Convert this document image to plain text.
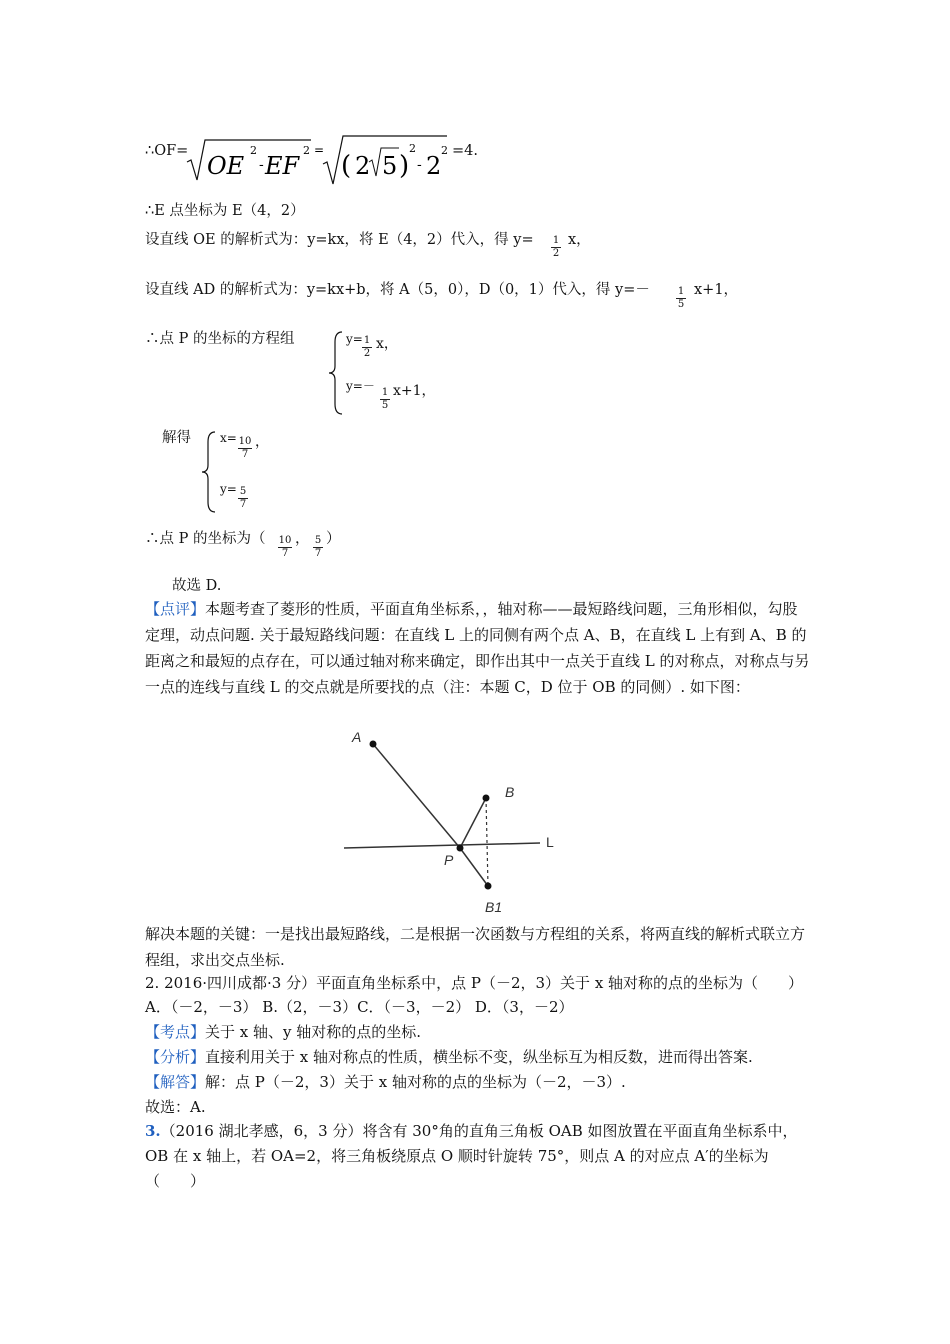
∴OF=
OE
2
- EF
2 =
( 2 5 )
2
- 2
2 =4.
∴E 点坐标为 E（4，2）
设直线 OE 的解析式为：y=kx，将 E（4，2）代入，得 y= 1
2
x，
设直线 AD 的解析式为：y=kx+b，将 A（5，0），D（0，1）代入，得 y=－	1
5
x+1，
∴点 P 的坐标的方程组	y= 1
2
x，
y=－ 1
5
x+1，
解得 x= 10
7
，
y= 5
7
∴点 P 的坐标为（ 10
7
， 5
7
）
故选 D.
【点评】本题考查了菱形的性质，平面直角坐标系，，轴对称——最短路线问题，三角形相似，勾股定理，动点问题. 关于最短路线问题：在直线 L 上的同侧有两个点 A、B，在直线 L 上有到 A、B 的距离之和最短的点存在，可以通过轴对称来确定，即作出其中一点关于直线 L 的对称点，对称点与另一点的连线与直线 L 的交点就是所要找的点（注：本题 C，D 位于 OB 的同侧）. 如下图：
A
B
P
L
B1
解决本题的关键：一是找出最短路线，二是根据一次函数与方程组的关系，将两直线的解析式联立方程组，求出交点坐标.
2. 2016·四川成都·3 分）平面直角坐标系中，点 P（－2，3）关于 x 轴对称的点的坐标为（　　）
A．（－2，－3） B.（2，－3）C．（－3，－2） D．（3，－2）
【考点】关于 x 轴、y 轴对称的点的坐标.
【分析】直接利用关于 x 轴对称点的性质，横坐标不变，纵坐标互为相反数，进而得出答案.
【解答】解：点 P（－2，3）关于 x 轴对称的点的坐标为（－2，－3）.
故选：A.
3.（2016 湖北孝感，6，3 分）将含有 30°角的直角三角板 OAB 如图放置在平面直角坐标系中，OB 在 x 轴上，若 OA=2，将三角板绕原点 O 顺时针旋转 75°，则点 A 的对应点 A′的坐标为（　　）
